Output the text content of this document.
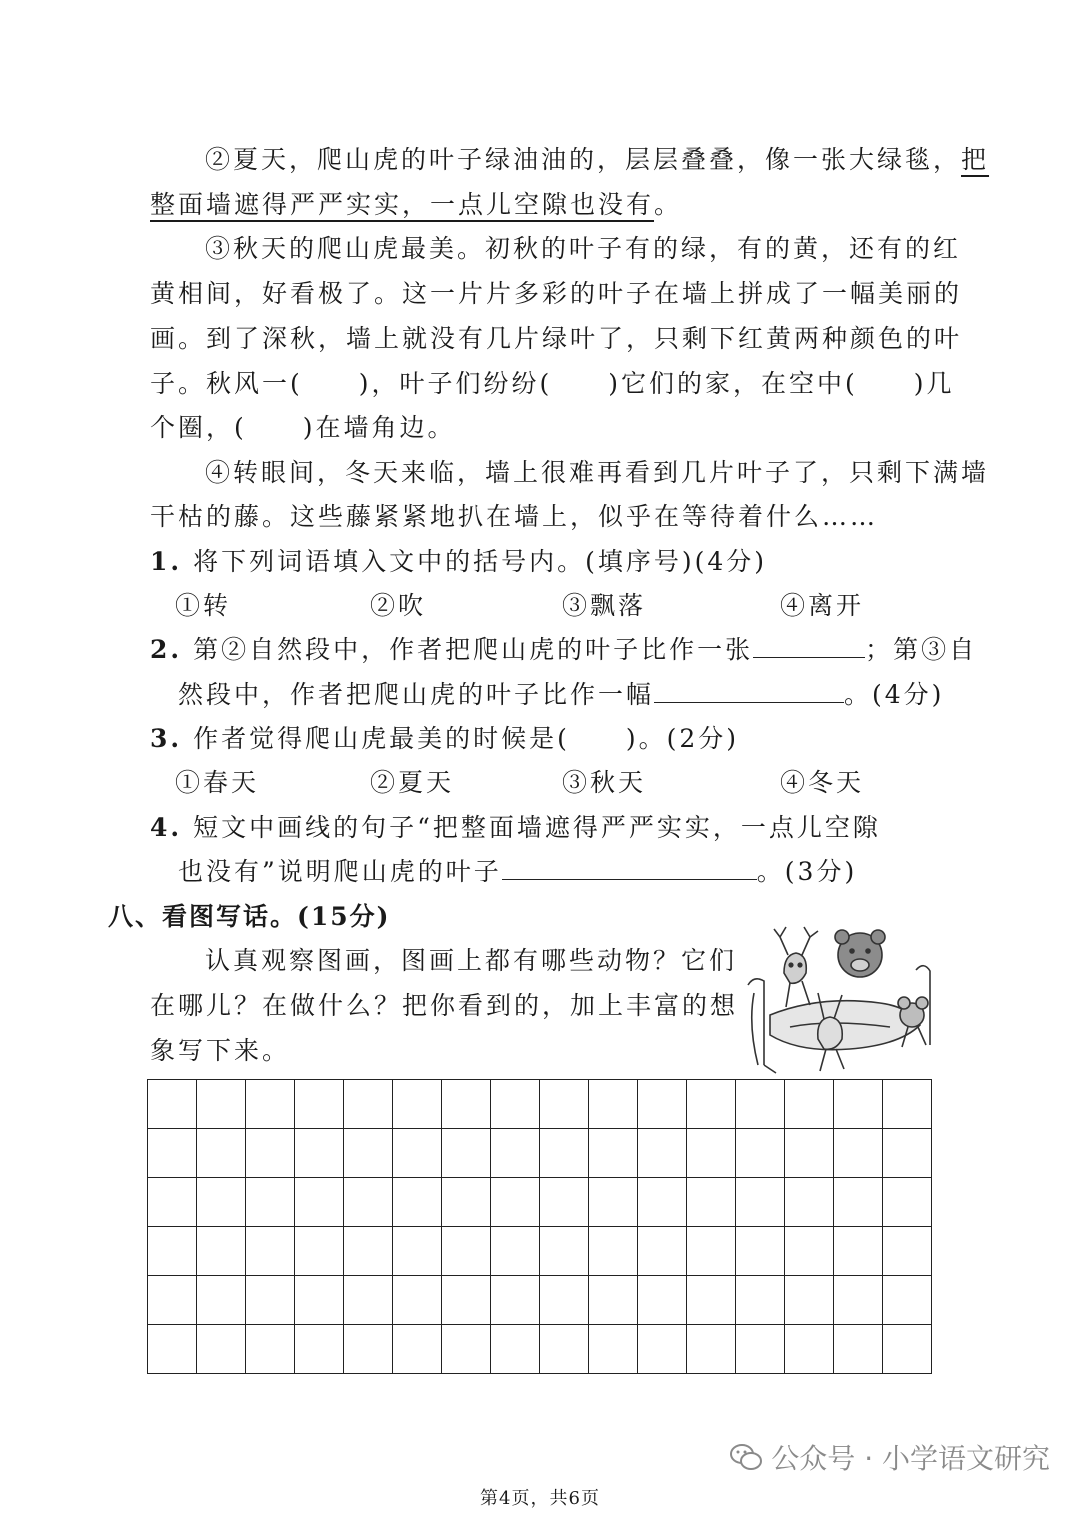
②夏天，爬山虎的叶子绿油油的，层层叠叠，像一张大绿毯，把
整面墙遮得严严实实，一点儿空隙也没有。
③秋天的爬山虎最美。初秋的叶子有的绿，有的黄，还有的红
黄相间，好看极了。这一片片多彩的叶子在墙上拼成了一幅美丽的
画。到了深秋，墙上就没有几片绿叶了，只剩下红黄两种颜色的叶
子。秋风一(　　)，叶子们纷纷(　　)它们的家，在空中(　　)几
个圈，(　　)在墙角边。
④转眼间，冬天来临，墙上很难再看到几片叶子了，只剩下满墙
干枯的藤。这些藤紧紧地扒在墙上，似乎在等待着什么……
1. 将下列词语填入文中的括号内。(填序号)(4分)
①转	②吹	③飘落	④离开
2. 第②自然段中，作者把爬山虎的叶子比作一张	；第③自
然段中，作者把爬山虎的叶子比作一幅	。(4分)
3. 作者觉得爬山虎最美的时候是(　　)。(2分)
①春天	②夏天	③秋天	④冬天
4. 短文中画线的句子“把整面墙遮得严严实实，一点儿空隙
也没有”说明爬山虎的叶子	。(3分)
八、看图写话。(15分)
认真观察图画，图画上都有哪些动物？它们
在哪儿？在做什么？把你看到的，加上丰富的想
象写下来。
公众号 · 小学语文研究
第4页，共6页
